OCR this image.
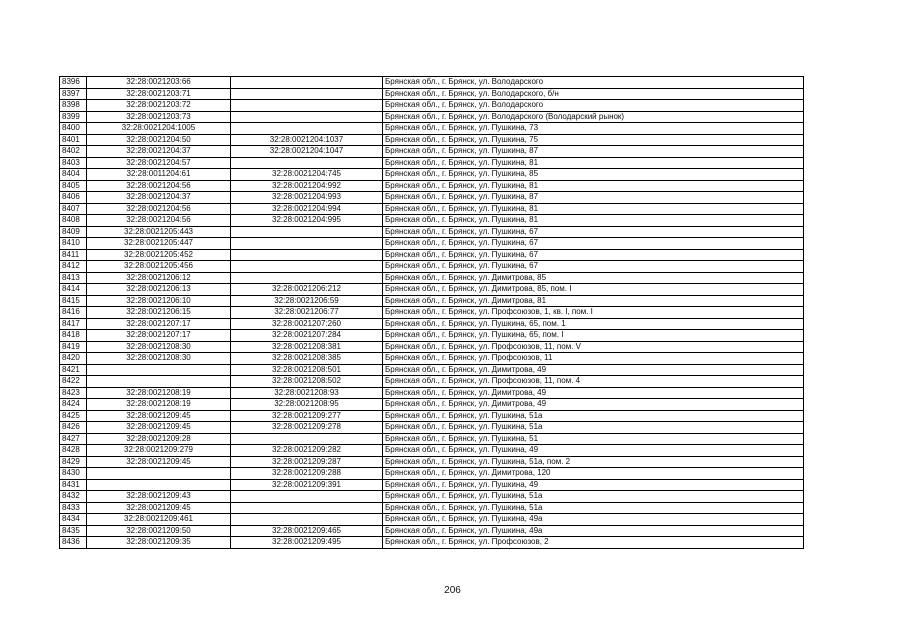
8396	32:28:0021203:66		Брянская обл., г. Брянск, ул. Володарского
8397	32:28:0021203:71		Брянская обл., г. Брянск, ул. Володарского, б/н
8398	32:28:0021203:72		Брянская обл., г. Брянск, ул. Володарского
8399	32:28:0021203:73		Брянская обл., г. Брянск, ул. Володарского (Володарский рынок)
8400	32:28:0021204:1005		Брянская обл., г. Брянск, ул. Пушкина, 73
8401	32:28:0021204:50	32:28:0021204:1037	Брянская обл., г. Брянск, ул. Пушкина, 75
8402	32:28:0021204:37	32:28:0021204:1047	Брянская обл., г. Брянск, ул. Пушкина, 87
8403	32:28:0021204:57		Брянская обл., г. Брянск, ул. Пушкина, 81
8404	32:28:0011204:61	32:28:0021204:745	Брянская обл., г. Брянск, ул. Пушкина, 85
8405	32:28:0021204:56	32:28:0021204:992	Брянская обл., г. Брянск, ул. Пушкина, 81
8406	32:28:0021204:37	32:28:0021204:993	Брянская обл., г. Брянск, ул. Пушкина, 87
8407	32:28:0021204:56	32:28:0021204:994	Брянская обл., г. Брянск, ул. Пушкина, 81
8408	32:28:0021204:56	32:28:0021204:995	Брянская обл., г. Брянск, ул. Пушкина, 81
8409	32:28:0021205:443		Брянская обл., г. Брянск, ул. Пушкина, 67
8410	32:28:0021205:447		Брянская обл., г. Брянск, ул. Пушкина, 67
8411	32:28:0021205:452		Брянская обл., г. Брянск, ул. Пушкина, 67
8412	32:28:0021205:456		Брянская обл., г. Брянск, ул. Пушкина, 67
8413	32:28:0021206:12		Брянская обл., г. Брянск, ул. Димитрова, 85
8414	32:28:0021206:13	32:28:0021206:212	Брянская обл., г. Брянск, ул. Димитрова, 85, пом. I
8415	32:28:0021206:10	32:28:0021206:59	Брянская обл., г. Брянск, ул. Димитрова, 81
8416	32:28:0021206:15	32:28:0021206:77	Брянская обл., г. Брянск, ул. Профсоюзов, 1, кв. I, пом. I
8417	32:28:0021207:17	32:28:0021207:260	Брянская обл., г. Брянск, ул. Пушкина, 65, пом. 1
8418	32:28:0021207:17	32:28:0021207:284	Брянская обл., г. Брянск, ул. Пушкина, 65, пом. I
8419	32:28:0021208:30	32:28:0021208:381	Брянская обл., г. Брянск, ул. Профсоюзов, 11, пом. V
8420	32:28:0021208:30	32:28:0021208:385	Брянская обл., г. Брянск, ул. Профсоюзов, 11
8421		32:28:0021208:501	Брянская обл., г. Брянск, ул. Димитрова, 49
8422		32:28:0021208:502	Брянская обл., г. Брянск, ул. Профсоюзов, 11, пом. 4
8423	32:28:0021208:19	32:28:0021208:93	Брянская обл., г. Брянск, ул. Димитрова, 49
8424	32:28:0021208:19	32:28:0021208:95	Брянская обл., г. Брянск, ул. Димитрова, 49
8425	32:28:0021209:45	32:28:0021209:277	Брянская обл., г. Брянск, ул. Пушкина, 51а
8426	32:28:0021209:45	32:28:0021209:278	Брянская обл., г. Брянск, ул. Пушкина, 51а
8427	32:28:0021209:28		Брянская обл., г. Брянск, ул. Пушкина, 51
8428	32:28:0021209:279	32:28:0021209:282	Брянская обл., г. Брянск, ул. Пушкина, 49
8429	32:28:0021209:45	32:28:0021209:287	Брянская обл., г. Брянск, ул. Пушкина, 51а, пом. 2
8430		32:28:0021209:288	Брянская обл., г. Брянск, ул. Димитрова, 120
8431		32:28:0021209:391	Брянская обл., г. Брянск, ул. Пушкина, 49
8432	32:28:0021209:43		Брянская обл., г. Брянск, ул. Пушкина, 51а
8433	32:28:0021209:45		Брянская обл., г. Брянск, ул. Пушкина, 51а
8434	32:28:0021209:461		Брянская обл., г. Брянск, ул. Пушкина, 49а
8435	32:28:0021209:50	32:28:0021209:465	Брянская обл., г. Брянск, ул. Пушкина, 49а
8436	32:28:0021209:35	32:28:0021209:495	Брянская обл., г. Брянск, ул. Профсоюзов, 2
206
